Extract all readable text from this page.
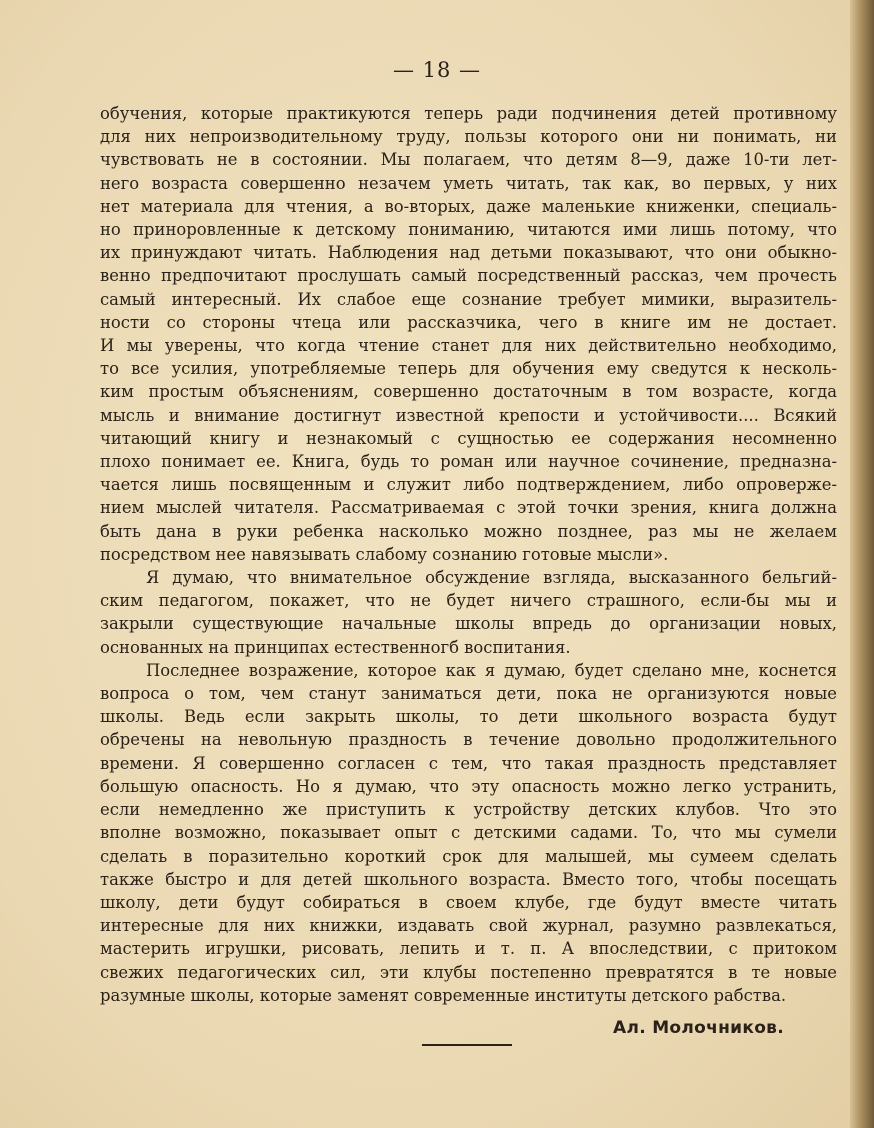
— 18 —

обучения, которые практикуются теперь ради подчинения детей противному
для них непроизводительному труду, пользы которого они ни понимать, ни
чувствовать не в состоянии. Мы полагаем, что детям 8—9, даже 10-ти лет-
него возраста совершенно незачем уметь читать, так как, во первых, у них
нет материала для чтения, а во-вторых, даже маленькие книженки, специаль-
но приноровленные к детскому пониманию, читаются ими лишь потому, что
их принуждают читать. Наблюдения над детьми показывают, что они обыкно-
венно предпочитают прослушать самый посредственный рассказ, чем прочесть
самый интересный. Их слабое еще сознание требует мимики, выразитель-
ности со стороны чтеца или рассказчика, чего в книге им не достает.
И мы уверены, что когда чтение станет для них действительно необходимо,
то все усилия, употребляемые теперь для обучения ему сведутся к несколь-
ким простым объяснениям, совершенно достаточным в том возрасте, когда
мысль и внимание достигнут известной крепости и устойчивости.... Всякий
читающий книгу и незнакомый с сущностью ее содержания несомненно
плохо понимает ее. Книга, будь то роман или научное сочинение, предназна-
чается лишь посвященным и служит либо подтверждением, либо опроверже-
нием мыслей читателя. Рассматриваемая с этой точки зрения, книга должна
быть дана в руки ребенка насколько можно позднее, раз мы не желаем
посредством нее навязывать слабому сознанию готовые мысли».

Я думаю, что внимательное обсуждение взгляда, высказанного бельгий-
ским педагогом, покажет, что не будет ничего страшного, если-бы мы и
закрыли существующие начальные школы впредь до организации новых,
основанных на принципах естественногб воспитания.

Последнее возражение, которое как я думаю, будет сделано мне, коснется
вопроса о том, чем станут заниматься дети, пока не организуются новые
школы. Ведь если закрыть школы, то дети школьного возраста будут
обречены на невольную праздность в течение довольно продолжительного
времени. Я совершенно согласен с тем, что такая праздность представляет
большую опасность. Но я думаю, что эту опасность можно легко устранить,
если немедленно же приступить к устройству детских клубов. Что это
вполне возможно, показывает опыт с детскими садами. То, что мы сумели
сделать в поразительно короткий срок для малышей, мы сумеем сделать
также быстро и для детей школьного возраста. Вместо того, чтобы посещать
школу, дети будут собираться в своем клубе, где будут вместе читать
интересные для них книжки, издавать свой журнал, разумно развлекаться,
мастерить игрушки, рисовать, лепить и т. п. А впоследствии, с притоком
свежих педагогических сил, эти клубы постепенно превратятся в те новые
разумные школы, которые заменят современные институты детского рабства.

Ал. Молочников.
